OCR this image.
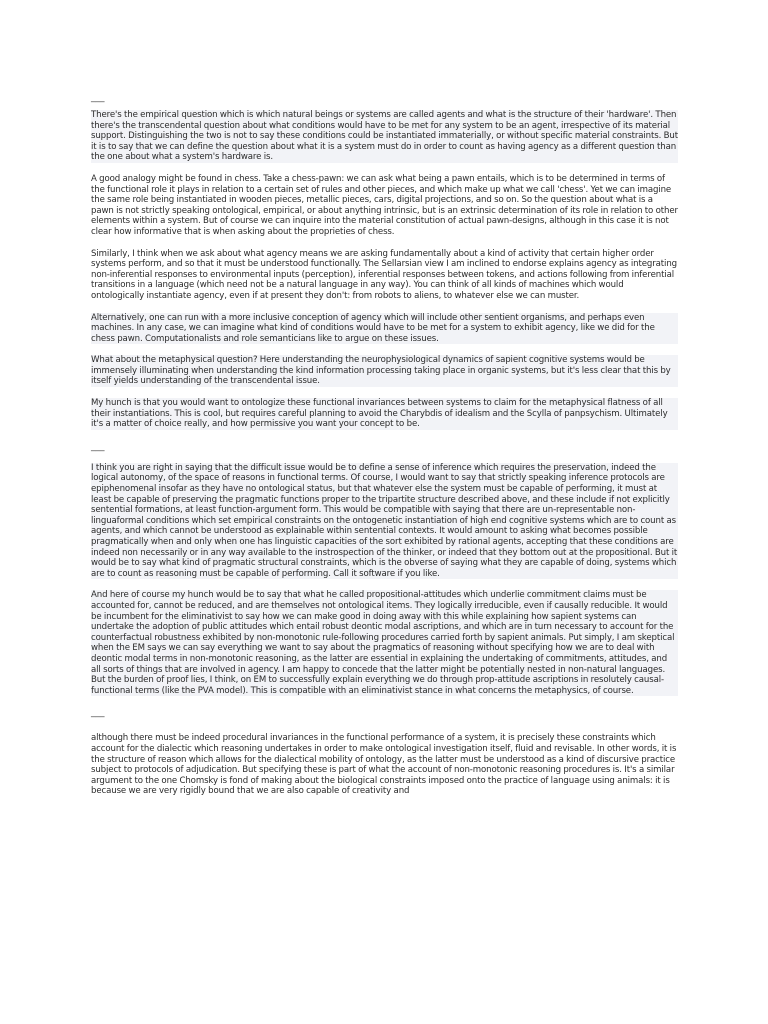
___

There's the empirical question which is which natural beings or systems are called agents and what is the structure of their 'hardware'. Then there's the transcendental question about what conditions would have to be met for any system to be an agent, irrespective of its material support. Distinguishing the two is not to say these conditions could be instantiated immaterially, or without specific material constraints. But it is to say that we can define the question about what it is a system must do in order to count as having agency as a different question than the one about what a system's hardware is.

A good analogy might be found in chess. Take a chess-pawn: we can ask what being a pawn entails, which is to be determined in terms of the functional role it plays in relation to a certain set of rules and other pieces, and which make up what we call 'chess'. Yet we can imagine the same role being instantiated in wooden pieces, metallic pieces, cars, digital projections, and so on. So the question about what is a pawn is not strictly speaking ontological, empirical, or about anything intrinsic, but is an extrinsic determination of its role in relation to other elements within a system. But of course we can inquire into the material constitution of actual pawn-designs, although in this case it is not clear how informative that is when asking about the proprieties of chess.

Similarly, I think when we ask about what agency means we are asking fundamentally about a kind of activity that certain higher order systems perform, and so that it must be understood functionally. The Sellarsian view I am inclined to endorse explains agency as integrating non-inferential responses to environmental inputs (perception), inferential responses between tokens, and actions following from inferential transitions in a language (which need not be a natural language in any way). You can think of all kinds of machines which would ontologically instantiate agency, even if at present they don't: from robots to aliens, to whatever else we can muster.

Alternatively, one can run with a more inclusive conception of agency which will include other sentient organisms, and perhaps even machines. In any case, we can imagine what kind of conditions would have to be met for a system to exhibit agency, like we did for the chess pawn. Computationalists and role semanticians like to argue on these issues.

What about the metaphysical question? Here understanding the neurophysiological dynamics of sapient cognitive systems would be immensely illuminating when understanding the kind information processing taking place in organic systems, but it's less clear that this by itself yields understanding of the transcendental issue.

My hunch is that you would want to ontologize these functional invariances between systems to claim for the metaphysical flatness of all their instantiations. This is cool, but requires careful planning to avoid the Charybdis of idealism and the Scylla of panpsychism. Ultimately it's a matter of choice really, and how permissive you want your concept to be.

___

I think you are right in saying that the difficult issue would be to define a sense of inference which requires the preservation, indeed the logical autonomy, of the space of reasons in functional terms. Of course, I would want to say that strictly speaking inference protocols are epiphenomenal insofar as they have no ontological status, but that whatever else the system must be capable of performing, it must at least be capable of preserving the pragmatic functions proper to the tripartite structure described above, and these include if not explicitly sentential formations, at least function-argument form. This would be compatible with saying that there are un-representable non-linguaformal conditions which set empirical constraints on the ontogenetic instantiation of high end cognitive systems which are to count as agents, and which cannot be understood as explainable within sentential contexts. It would amount to asking what becomes possible pragmatically when and only when one has linguistic capacities of the sort exhibited by rational agents, accepting that these conditions are indeed non necessarily or in any way available to the instrospection of the thinker, or indeed that they bottom out at the propositional. But it would be to say what kind of pragmatic structural constraints, which is the obverse of saying what they are capable of doing, systems which are to count as reasoning must be capable of performing. Call it software if you like.

And here of course my hunch would be to say that what he called propositional-attitudes which underlie commitment claims must be accounted for, cannot be reduced, and are themselves not ontological items. They logically irreducible, even if causally reducible. It would be incumbent for the eliminativist to say how we can make good in doing away with this while explaining how sapient systems can undertake the adoption of public attitudes which entail robust deontic modal ascriptions, and which are in turn necessary to account for the counterfactual robustness exhibited by non-monotonic rule-following procedures carried forth by sapient animals. Put simply, I am skeptical when the EM says we can say everything we want to say about the pragmatics of reasoning without specifying how we are to deal with deontic modal terms in non-monotonic reasoning, as the latter are essential in explaining the undertaking of commitments, attitudes, and all sorts of things that are involved in agency. I am happy to concede that the latter might be potentially nested in non-natural languages. But the burden of proof lies, I think, on EM to successfully explain everything we do through prop-attitude ascriptions in resolutely causal-functional terms (like the PVA model). This is compatible with an eliminativist stance in what concerns the metaphysics, of course.

___

although there must be indeed procedural invariances in the functional performance of a system, it is precisely these constraints which account for the dialectic which reasoning undertakes in order to make ontological investigation itself, fluid and revisable. In other words, it is the structure of reason which allows for the dialectical mobility of ontology, as the latter must be understood as a kind of discursive practice subject to protocols of adjudication. But specifying these is part of what the account of non-monotonic reasoning procedures is. It's a similar argument to the one Chomsky is fond of making about the biological constraints imposed onto the practice of language using animals: it is because we are very rigidly bound that we are also capable of creativity and
